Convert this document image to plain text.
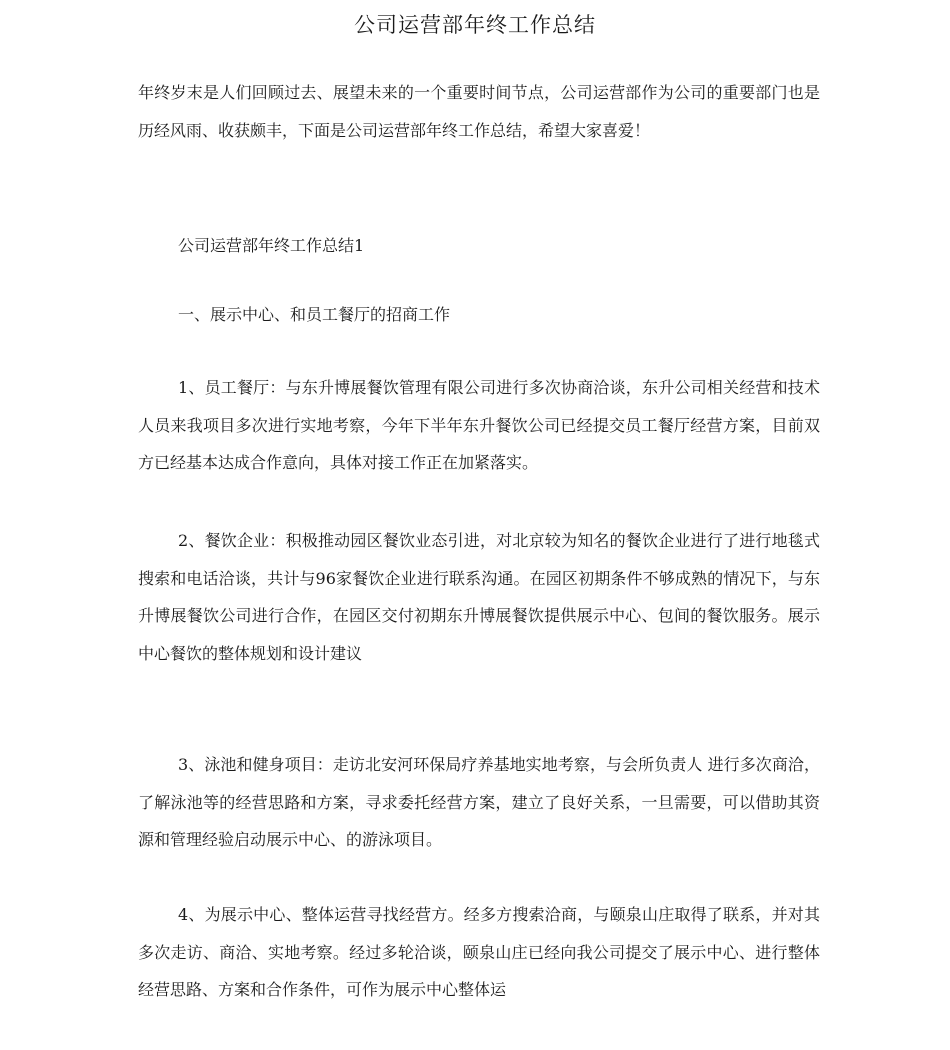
公司运营部年终工作总结

年终岁末是人们回顾过去、展望未来的一个重要时间节点，公司运营部作为公司的重要部门也是历经风雨、收获颇丰，下面是公司运营部年终工作总结，希望大家喜爱！

公司运营部年终工作总结1

一、展示中心、和员工餐厅的招商工作

1、员工餐厅：与东升博展餐饮管理有限公司进行多次协商洽谈，东升公司相关经营和技术人员来我项目多次进行实地考察，今年下半年东升餐饮公司已经提交员工餐厅经营方案，目前双方已经基本达成合作意向，具体对接工作正在加紧落实。

2、餐饮企业：积极推动园区餐饮业态引进，对北京较为知名的餐饮企业进行了进行地毯式搜索和电话洽谈，共计与96家餐饮企业进行联系沟通。在园区初期条件不够成熟的情况下，与东升博展餐饮公司进行合作，在园区交付初期东升博展餐饮提供展示中心、包间的餐饮服务。展示中心餐饮的整体规划和设计建议

3、泳池和健身项目：走访北安河环保局疗养基地实地考察，与会所负责人 进行多次商洽，了解泳池等的经营思路和方案，寻求委托经营方案，建立了良好关系，一旦需要，可以借助其资源和管理经验启动展示中心、的游泳项目。

4、为展示中心、整体运营寻找经营方。经多方搜索洽商，与颐泉山庄取得了联系，并对其多次走访、商洽、实地考察。经过多轮洽谈，颐泉山庄已经向我公司提交了展示中心、进行整体经营思路、方案和合作条件，可作为展示中心整体运
